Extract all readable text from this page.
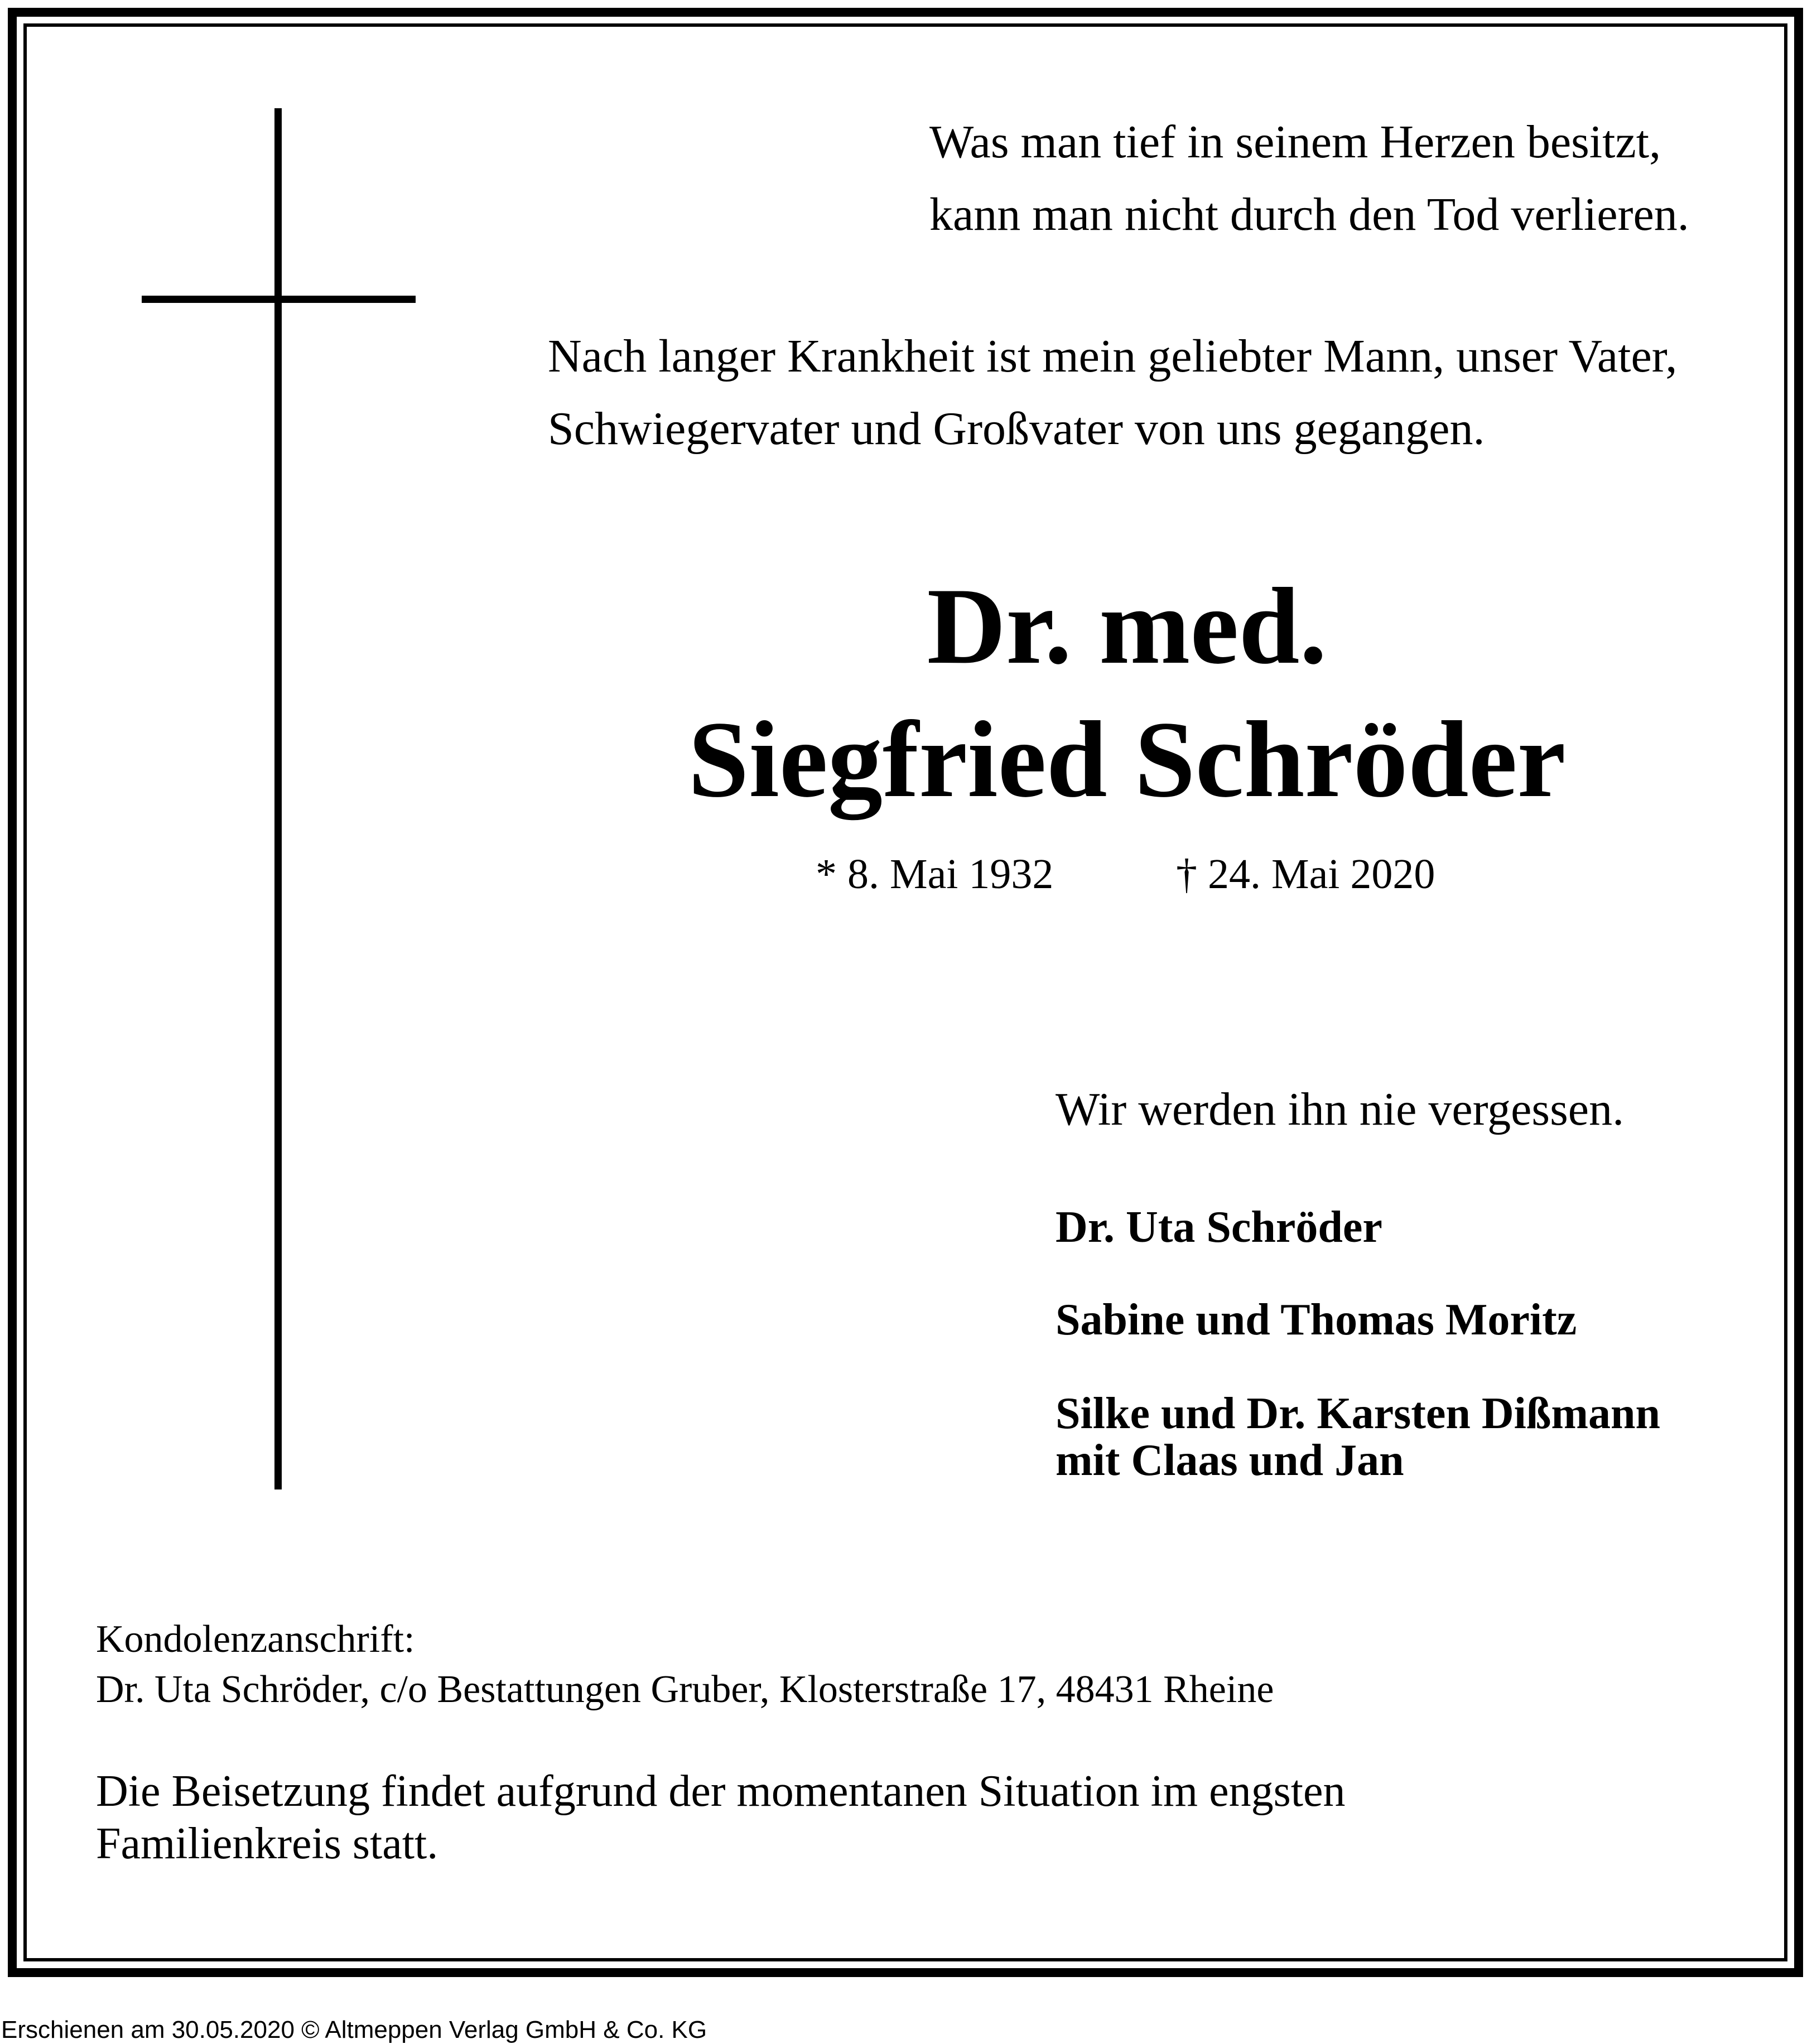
Was man tief in seinem Herzen besitzt,
kann man nicht durch den Tod verlieren.
Nach langer Krankheit ist mein geliebter Mann, unser Vater,
Schwiegervater und Großvater von uns gegangen.
Dr. med.
Siegfried Schröder
* 8. Mai 1932	† 24. Mai 2020
Wir werden ihn nie vergessen.
Dr. Uta Schröder
Sabine und Thomas Moritz
Silke und Dr. Karsten Dißmann
mit Claas und Jan
Kondolenzanschrift:
Dr. Uta Schröder, c/o Bestattungen Gruber, Klosterstraße 17, 48431 Rheine
Die Beisetzung findet aufgrund der momentanen Situation im engsten
Familienkreis statt.
Erschienen am 30.05.2020 © Altmeppen Verlag GmbH & Co. KG
